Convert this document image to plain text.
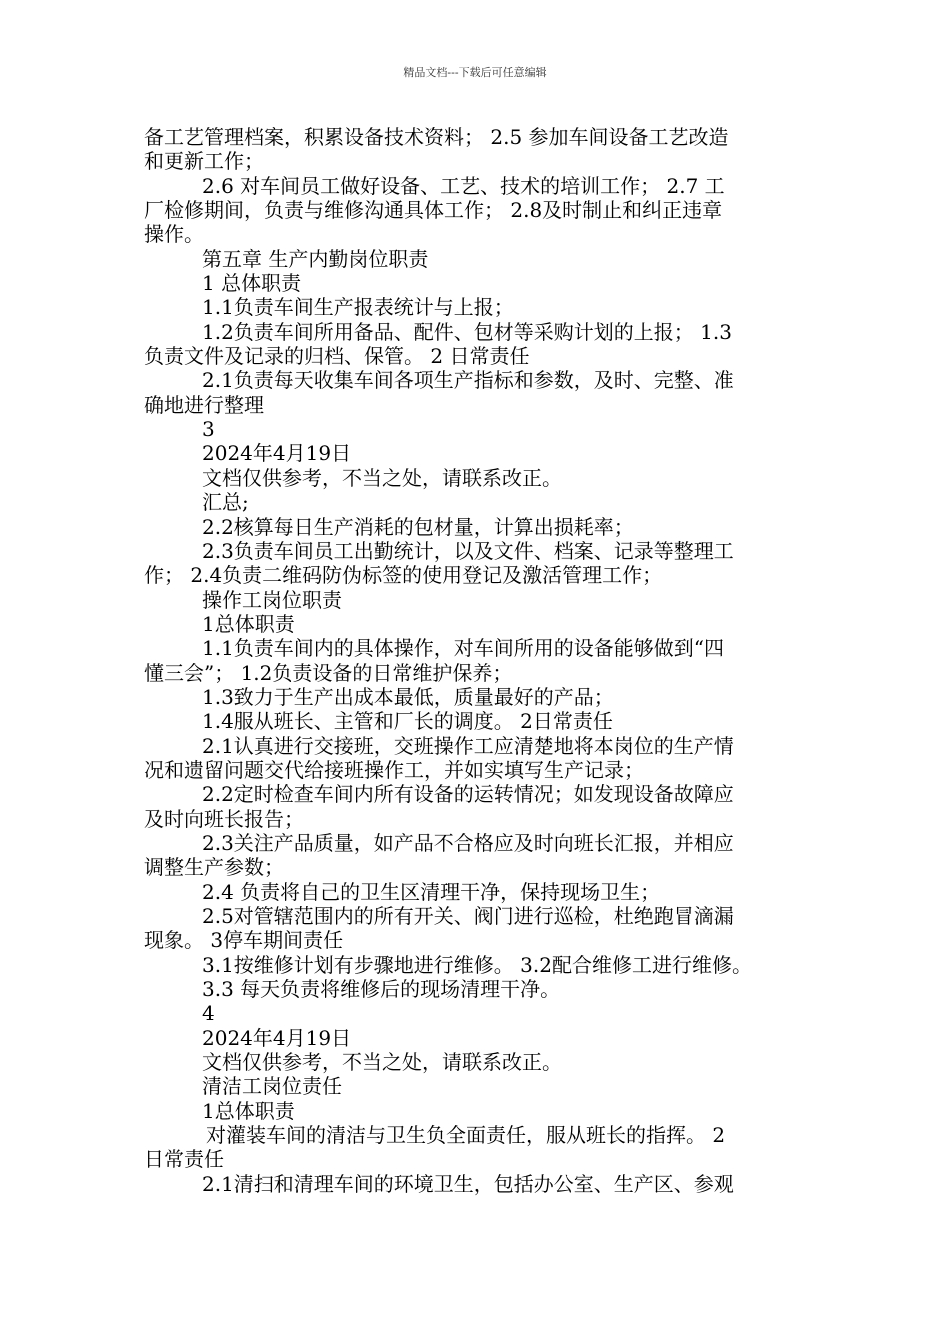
精品文档---下载后可任意编辑
备工艺管理档案，积累设备技术资料； 2.5 参加车间设备工艺改造
和更新工作；
2.6 对车间员工做好设备、工艺、技术的培训工作； 2.7 工
厂检修期间，负责与维修沟通具体工作； 2.8及时制止和纠正违章
操作。
第五章 生产内勤岗位职责
1 总体职责
1.1负责车间生产报表统计与上报；
1.2负责车间所用备品、配件、包材等采购计划的上报； 1.3
负责文件及记录的归档、保管。 2 日常责任
2.1负责每天收集车间各项生产指标和参数，及时、完整、准
确地进行整理
3
2024年4月19日
文档仅供参考，不当之处，请联系改正。
汇总;
2.2核算每日生产消耗的包材量，计算出损耗率；
2.3负责车间员工出勤统计，以及文件、档案、记录等整理工
作； 2.4负责二维码防伪标签的使用登记及激活管理工作；
操作工岗位职责
1总体职责
1.1负责车间内的具体操作，对车间所用的设备能够做到“四
懂三会”； 1.2负责设备的日常维护保养；
1.3致力于生产出成本最低，质量最好的产品；
1.4服从班长、主管和厂长的调度。 2日常责任
2.1认真进行交接班，交班操作工应清楚地将本岗位的生产情
况和遗留问题交代给接班操作工，并如实填写生产记录；
2.2定时检查车间内所有设备的运转情况；如发现设备故障应
及时向班长报告；
2.3关注产品质量，如产品不合格应及时向班长汇报，并相应
调整生产参数；
2.4 负责将自己的卫生区清理干净，保持现场卫生；
2.5对管辖范围内的所有开关、阀门进行巡检，杜绝跑冒滴漏
现象。 3停车期间责任
3.1按维修计划有步骤地进行维修。 3.2配合维修工进行维修。
3.3 每天负责将维修后的现场清理干净。
4
2024年4月19日
文档仅供参考，不当之处，请联系改正。
清洁工岗位责任
1总体职责
对灌装车间的清洁与卫生负全面责任，服从班长的指挥。 2
日常责任
2.1清扫和清理车间的环境卫生，包括办公室、生产区、参观
